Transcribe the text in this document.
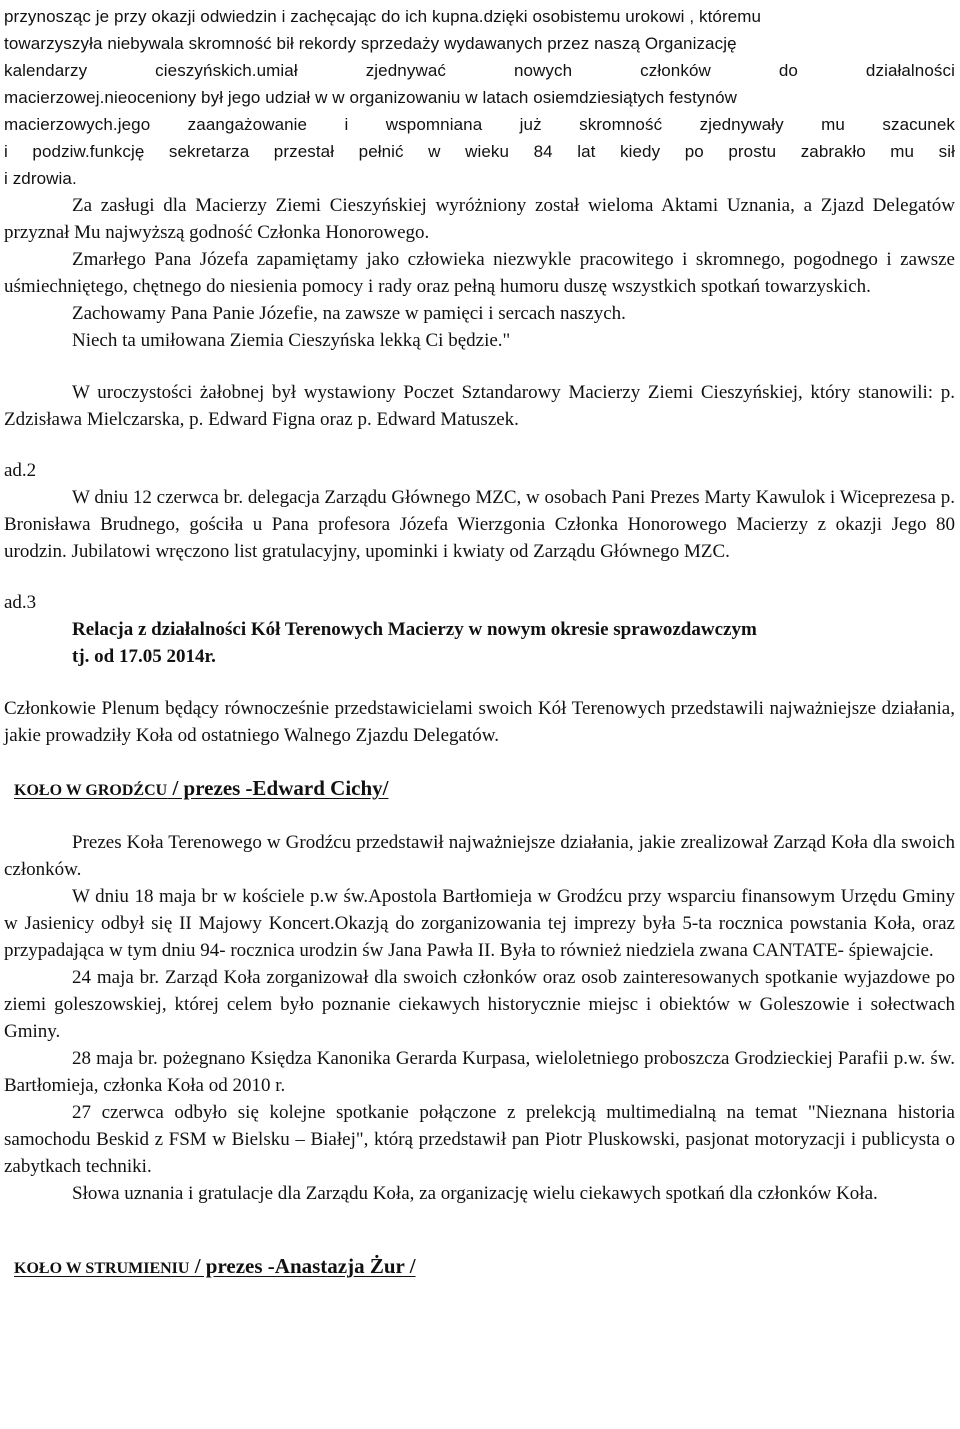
przynosząc je przy okazji odwiedzin i zachęcając do ich kupna.dzięki osobistemu urokowi , któremu

towarzyszyła niebywala skromność bił rekordy sprzedaży wydawanych przez naszą Organizację

kalendarzy cieszyńskich.umiał zjednywać nowych członków do działalności

macierzowej.nieoceniony był jego udział w w organizowaniu w latach osiemdziesiątych festynów

macierzowych.jego zaangażowanie i wspomniana już skromność zjednywały mu szacunek

i podziw.funkcję sekretarza przestał pełnić w wieku 84 lat kiedy po prostu zabrakło mu sił

i zdrowia.

Za zasługi dla Macierzy Ziemi Cieszyńskiej wyróżniony został wieloma Aktami Uznania, a Zjazd Delegatów przyznał Mu najwyższą godność Członka Honorowego.

Zmarłego Pana Józefa zapamiętamy jako człowieka niezwykle pracowitego i skromnego, pogodnego i zawsze uśmiechniętego, chętnego do niesienia pomocy i rady oraz pełną humoru duszę wszystkich spotkań towarzyskich.

Zachowamy Pana Panie Józefie, na zawsze w pamięci i sercach naszych.

Niech ta umiłowana Ziemia Cieszyńska lekką Ci będzie."

W uroczystości żałobnej był wystawiony Poczet Sztandarowy Macierzy Ziemi Cieszyńskiej, który stanowili: p. Zdzisława Mielczarska, p. Edward Figna oraz p. Edward Matuszek.

ad.2

W dniu 12 czerwca br. delegacja Zarządu Głównego MZC, w osobach Pani Prezes Marty Kawulok i Wiceprezesa p. Bronisława Brudnego, gościła u Pana profesora Józefa Wierzgonia Członka Honorowego Macierzy z okazji Jego 80 urodzin. Jubilatowi wręczono list gratulacyjny, upominki i kwiaty od Zarządu Głównego MZC.

ad.3

Relacja z działalności Kół Terenowych Macierzy w nowym okresie sprawozdawczym

tj. od 17.05 2014r.

Członkowie Plenum będący równocześnie przedstawicielami swoich Kół Terenowych przedstawili najważniejsze działania, jakie prowadziły Koła od ostatniego Walnego Zjazdu Delegatów.

KOŁO W GRODŹCU / prezes -Edward Cichy/

Prezes Koła Terenowego w Grodźcu przedstawił najważniejsze działania, jakie zrealizował Zarząd Koła dla swoich członków.

W dniu 18 maja br w kościele p.w św.Apostola Bartłomieja w Grodźcu przy wsparciu finansowym Urzędu Gminy w Jasienicy odbył się II Majowy Koncert.Okazją do zorganizowania tej imprezy była 5-ta rocznica powstania Koła, oraz przypadająca w tym dniu 94- rocznica urodzin św Jana Pawła II. Była to również niedziela zwana CANTATE- śpiewajcie.

24 maja br. Zarząd Koła zorganizował dla swoich członków oraz osob zainteresowanych spotkanie wyjazdowe po ziemi goleszowskiej, której celem było poznanie ciekawych historycznie miejsc i obiektów w Goleszowie i sołectwach Gminy.

28 maja br. pożegnano Księdza Kanonika Gerarda Kurpasa, wieloletniego proboszcza Grodzieckiej Parafii p.w. św. Bartłomieja, członka Koła od 2010 r.

27 czerwca odbyło się kolejne spotkanie połączone z prelekcją multimedialną na temat "Nieznana historia samochodu Beskid z FSM w Bielsku – Białej", którą przedstawił pan Piotr Pluskowski, pasjonat motoryzacji i publicysta o zabytkach techniki.

Słowa uznania i gratulacje dla Zarządu Koła, za organizację wielu ciekawych spotkań dla członków Koła.

KOŁO W STRUMIENIU / prezes -Anastazja Żur /
